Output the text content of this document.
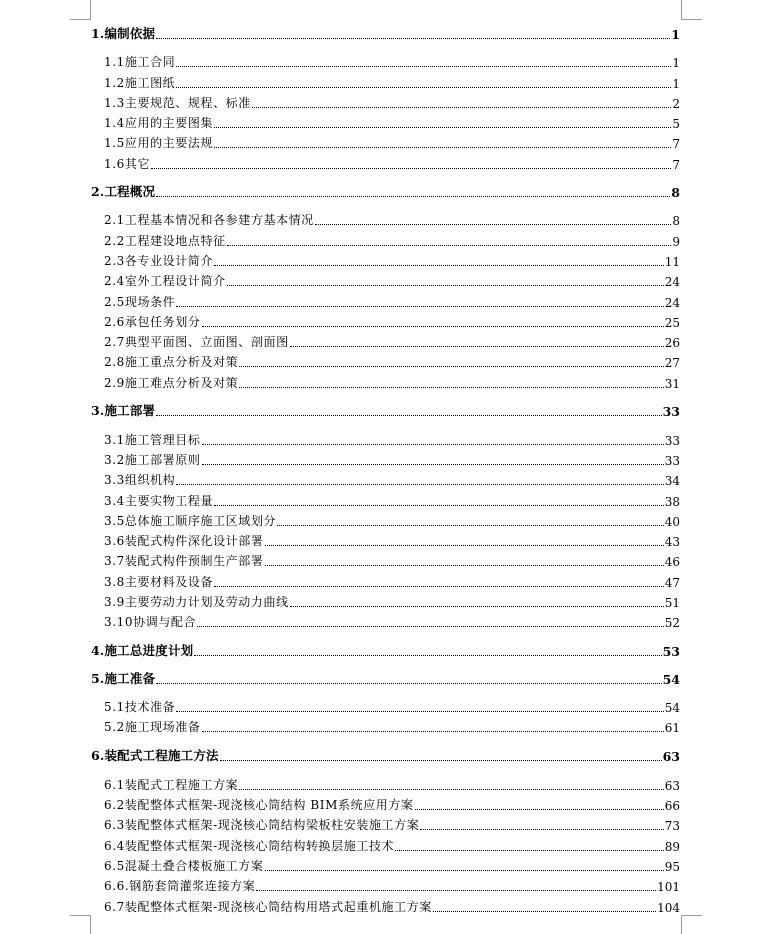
1.编制依据	1
1.1施工合同	1
1.2施工图纸	1
1.3主要规范、规程、标准	2
1.4应用的主要图集	5
1.5应用的主要法规	7
1.6其它	7
2.工程概况	8
2.1工程基本情况和各参建方基本情况	8
2.2工程建设地点特征	9
2.3各专业设计简介	11
2.4室外工程设计简介	24
2.5现场条件	24
2.6承包任务划分	25
2.7典型平面图、立面图、剖面图	26
2.8施工重点分析及对策	27
2.9施工难点分析及对策	31
3.施工部署	33
3.1施工管理目标	33
3.2施工部署原则	33
3.3组织机构	34
3.4主要实物工程量	38
3.5总体施工顺序施工区域划分	40
3.6装配式构件深化设计部署	43
3.7装配式构件预制生产部署	46
3.8主要材料及设备	47
3.9主要劳动力计划及劳动力曲线	51
3.10协调与配合	52
4.施工总进度计划	53
5.施工准备	54
5.1技术准备	54
5.2施工现场准备	61
6.装配式工程施工方法	63
6.1装配式工程施工方案	63
6.2装配整体式框架-现浇核心筒结构 BIM系统应用方案	66
6.3装配整体式框架-现浇核心筒结构梁板柱安装施工方案	73
6.4装配整体式框架-现浇核心筒结构转换层施工技术	89
6.5混凝土叠合楼板施工方案	95
6.6.钢筋套筒灌浆连接方案	101
6.7装配整体式框架-现浇核心筒结构用塔式起重机施工方案	104
